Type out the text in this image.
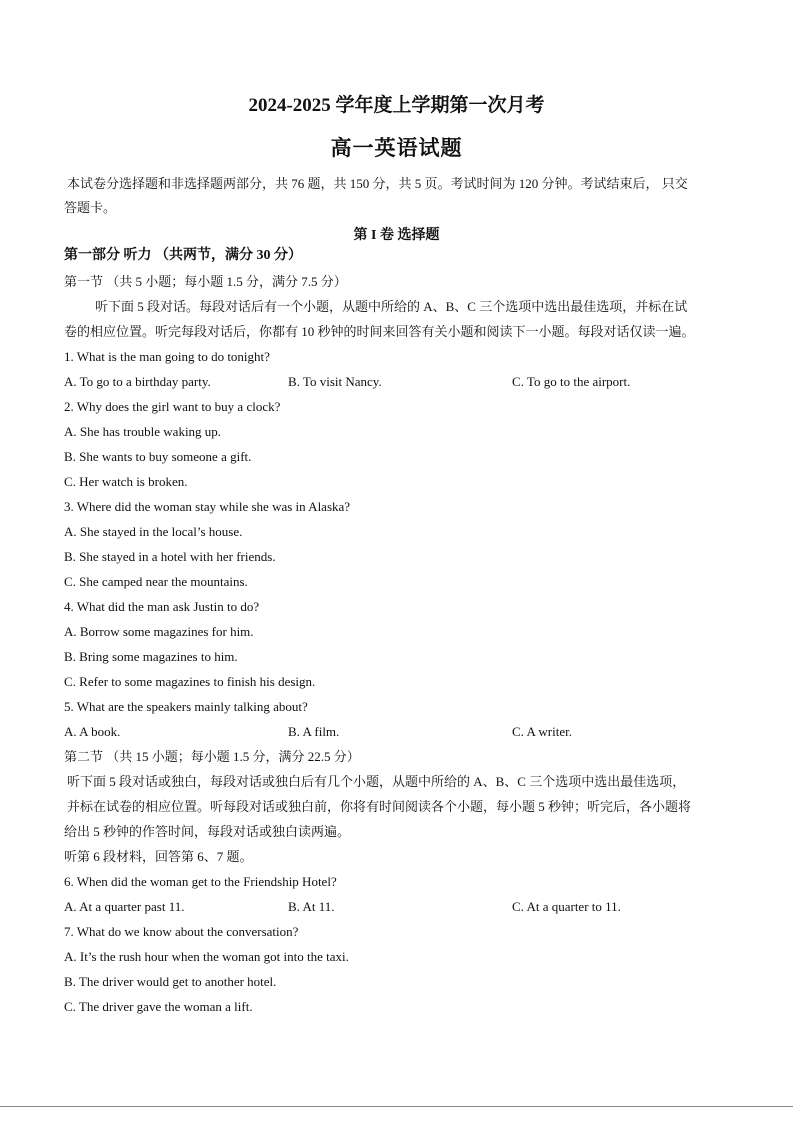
2024-2025 学年度上学期第一次月考
高一英语试题
本试卷分选择题和非选择题两部分，共 76 题，共 150 分，共 5 页。考试时间为 120 分钟。考试结束后， 只交
答题卡。
第 I 卷 选择题
第一部分 听力 （共两节，满分 30 分）
第一节 （共 5 小题；每小题 1.5 分，满分 7.5 分）
听下面 5 段对话。每段对话后有一个小题，从题中所给的 A、B、C 三个选项中选出最佳选项，并标在试
卷的相应位置。听完每段对话后，你都有 10 秒钟的时间来回答有关小题和阅读下一小题。每段对话仅读一遍。
1. What is the man going to do tonight?
A. To go to a birthday party.	B. To visit Nancy.	C. To go to the airport.
2. Why does the girl want to buy a clock?
A. She has trouble waking up.
B. She wants to buy someone a gift.
C. Her watch is broken.
3. Where did the woman stay while she was in Alaska?
A. She stayed in the local’s house.
B. She stayed in a hotel with her friends.
C. She camped near the mountains.
4. What did the man ask Justin to do?
A. Borrow some magazines for him.
B. Bring some magazines to him.
C. Refer to some magazines to finish his design.
5. What are the speakers mainly talking about?
A. A book.	B. A film.	C. A writer.
第二节 （共 15 小题；每小题 1.5 分，满分 22.5 分）
听下面 5 段对话或独白，每段对话或独白后有几个小题，从题中所给的 A、B、C 三个选项中选出最佳选项，
并标在试卷的相应位置。听每段对话或独白前，你将有时间阅读各个小题，每小题 5 秒钟；听完后，各小题将
给出 5 秒钟的作答时间，每段对话或独白读两遍。
听第 6 段材料，回答第 6、7 题。
6. When did the woman get to the Friendship Hotel?
A. At a quarter past 11.	B. At 11.	C. At a quarter to 11.
7. What do we know about the conversation?
A. It’s the rush hour when the woman got into the taxi.
B. The driver would get to another hotel.
C. The driver gave the woman a lift.
